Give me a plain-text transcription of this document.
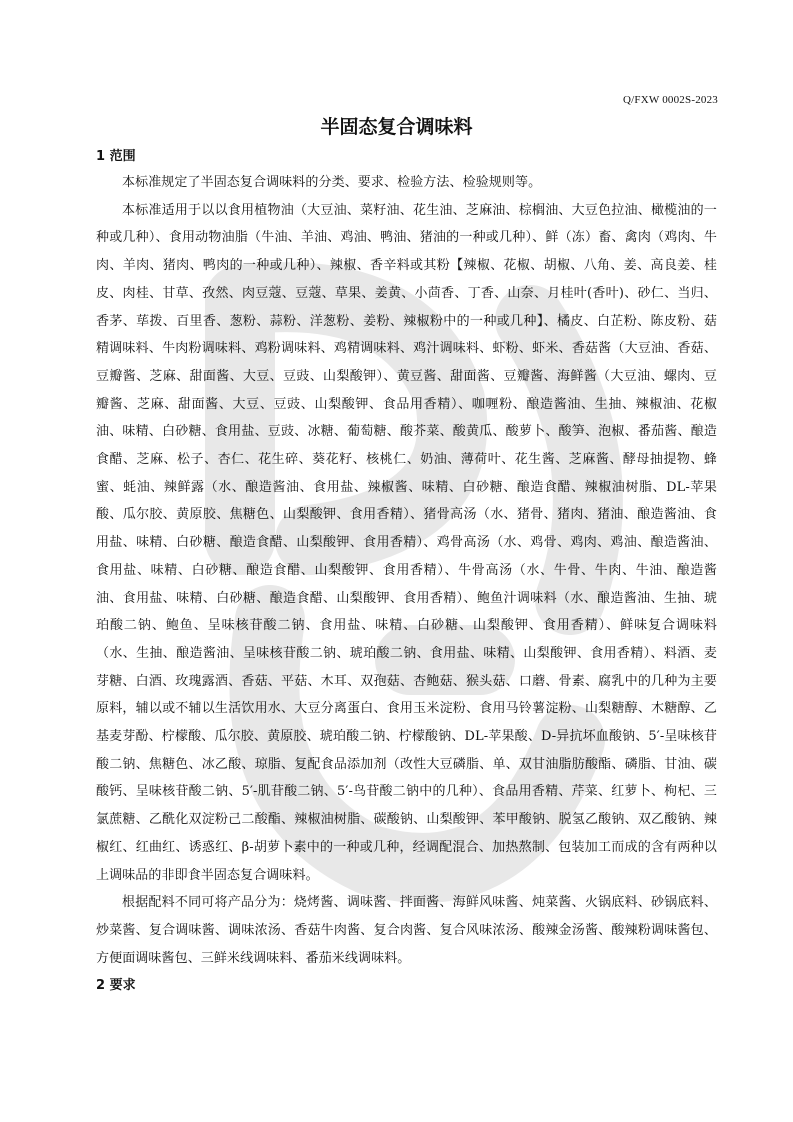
Q/FXW 0002S-2023
半固态复合调味料

1 范围

本标准规定了半固态复合调味料的分类、要求、检验方法、检验规则等。

本标准适用于以以食用植物油（大豆油、菜籽油、花生油、芝麻油、棕榈油、大豆色拉油、橄榄油的一种或几种）、食用动物油脂（牛油、羊油、鸡油、鸭油、猪油的一种或几种）、鲜（冻）畜、禽肉（鸡肉、牛肉、羊肉、猪肉、鸭肉的一种或几种）、辣椒、香辛料或其粉【辣椒、花椒、胡椒、八角、姜、高良姜、桂皮、肉桂、甘草、孜然、肉豆蔻、豆蔻、草果、姜黄、小茴香、丁香、山奈、月桂叶(香叶)、砂仁、当归、香茅、荜拨、百里香、葱粉、蒜粉、洋葱粉、姜粉、辣椒粉中的一种或几种】、橘皮、白芷粉、陈皮粉、菇精调味料、牛肉粉调味料、鸡粉调味料、鸡精调味料、鸡汁调味料、虾粉、虾米、香菇酱（大豆油、香菇、豆瓣酱、芝麻、甜面酱、大豆、豆豉、山梨酸钾）、黄豆酱、甜面酱、豆瓣酱、海鲜酱（大豆油、螺肉、豆瓣酱、芝麻、甜面酱、大豆、豆豉、山梨酸钾、食品用香精）、咖喱粉、酿造酱油、生抽、辣椒油、花椒油、味精、白砂糖、食用盐、豆豉、冰糖、葡萄糖、酸芥菜、酸黄瓜、酸萝卜、酸笋、泡椒、番茄酱、酿造食醋、芝麻、松子、杏仁、花生碎、葵花籽、核桃仁、奶油、薄荷叶、花生酱、芝麻酱、酵母抽提物、蜂蜜、蚝油、辣鲜露（水、酿造酱油、食用盐、辣椒酱、味精、白砂糖、酿造食醋、辣椒油树脂、DL-苹果酸、瓜尔胶、黄原胶、焦糖色、山梨酸钾、食用香精）、猪骨高汤（水、猪骨、猪肉、猪油、酿造酱油、食用盐、味精、白砂糖、酿造食醋、山梨酸钾、食用香精）、鸡骨高汤（水、鸡骨、鸡肉、鸡油、酿造酱油、食用盐、味精、白砂糖、酿造食醋、山梨酸钾、食用香精）、牛骨高汤（水、牛骨、牛肉、牛油、酿造酱油、食用盐、味精、白砂糖、酿造食醋、山梨酸钾、食用香精）、鲍鱼汁调味料（水、酿造酱油、生抽、琥珀酸二钠、鲍鱼、呈味核苷酸二钠、食用盐、味精、白砂糖、山梨酸钾、食用香精）、鲜味复合调味料（水、生抽、酿造酱油、呈味核苷酸二钠、琥珀酸二钠、食用盐、味精、山梨酸钾、食用香精）、料酒、麦芽糖、白酒、玫瑰露酒、香菇、平菇、木耳、双孢菇、杏鲍菇、猴头菇、口蘑、骨素、腐乳中的几种为主要原料，辅以或不辅以生活饮用水、大豆分离蛋白、食用玉米淀粉、食用马铃薯淀粉、山梨糖醇、木糖醇、乙基麦芽酚、柠檬酸、瓜尔胶、黄原胶、琥珀酸二钠、柠檬酸钠、DL-苹果酸、D-异抗坏血酸钠、5′-呈味核苷酸二钠、焦糖色、冰乙酸、琼脂、复配食品添加剂（改性大豆磷脂、单、双甘油脂肪酸酯、磷脂、甘油、碳酸钙、呈味核苷酸二钠、5′-肌苷酸二钠、5′-鸟苷酸二钠中的几种）、食品用香精、芹菜、红萝卜、枸杞、三氯蔗糖、乙酰化双淀粉己二酸酯、辣椒油树脂、碳酸钠、山梨酸钾、苯甲酸钠、脱氢乙酸钠、双乙酸钠、辣椒红、红曲红、诱惑红、β-胡萝卜素中的一种或几种，经调配混合、加热熬制、包装加工而成的含有两种以上调味品的非即食半固态复合调味料。

根据配料不同可将产品分为：烧烤酱、调味酱、拌面酱、海鲜风味酱、炖菜酱、火锅底料、砂锅底料、炒菜酱、复合调味酱、调味浓汤、香菇牛肉酱、复合肉酱、复合风味浓汤、酸辣金汤酱、酸辣粉调味酱包、方便面调味酱包、三鲜米线调味料、番茄米线调味料。

2 要求
